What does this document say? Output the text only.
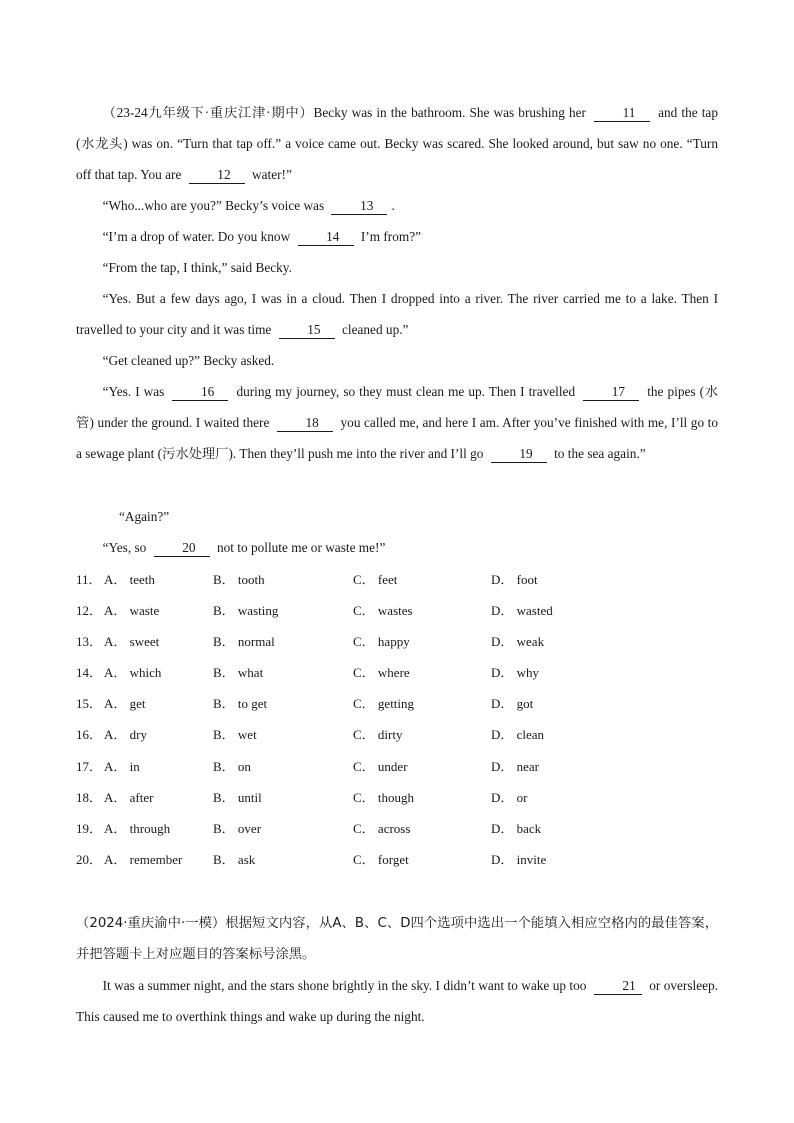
（23-24九年级下·重庆江津·期中）Becky was in the bathroom. She was brushing her	11 and the tap (水龙头) was on. “Turn that tap off.” a voice came out. Becky was scared. She looked around, but saw no one. “Turn off that tap. You are	12 water!”

“Who...who are you?” Becky’s voice was	13 .

“I’m a drop of water. Do you know	14 I’m from?”

“From the tap, I think,” said Becky.

“Yes. But a few days ago, I was in a cloud. Then I dropped into a river. The river carried me to a lake. Then I travelled to your city and it was time	15 cleaned up.”

“Get cleaned up?” Becky asked.

“Yes. I was	16 during my journey, so they must clean me up. Then I travelled	17 the pipes (水管) under the ground. I waited there	18 you called me, and here I am. After you’ve finished with me, I’ll go to a sewage plant (污水处理厂). Then they’ll push me into the river and I’ll go	19 to the sea again.”

“Again?”

“Yes, so	20 not to pollute me or waste me!”

11． A． teeth	B． tooth	C． feet	D． foot
12． A． waste	B． wasting	C． wastes	D． wasted
13． A． sweet	B． normal	C． happy	D． weak
14． A． which	B． what	C． where	D． why
15． A． get	B． to get	C． getting	D． got
16． A． dry	B． wet	C． dirty	D． clean
17． A． in	B． on	C． under	D． near
18． A． after	B． until	C． though	D． or
19． A． through	B． over	C． across	D． back
20． A． remember B． ask	C． forget	D． invite

（2024·重庆渝中·一模）根据短文内容，从A、B、C、D四个选项中选出一个能填入相应空格内的最佳答案，并把答题卡上对应题目的答案标号涂黑。

It was a summer night, and the stars shone brightly in the sky. I didn’t want to wake up too	21 or oversleep. This caused me to overthink things and wake up during the night.
